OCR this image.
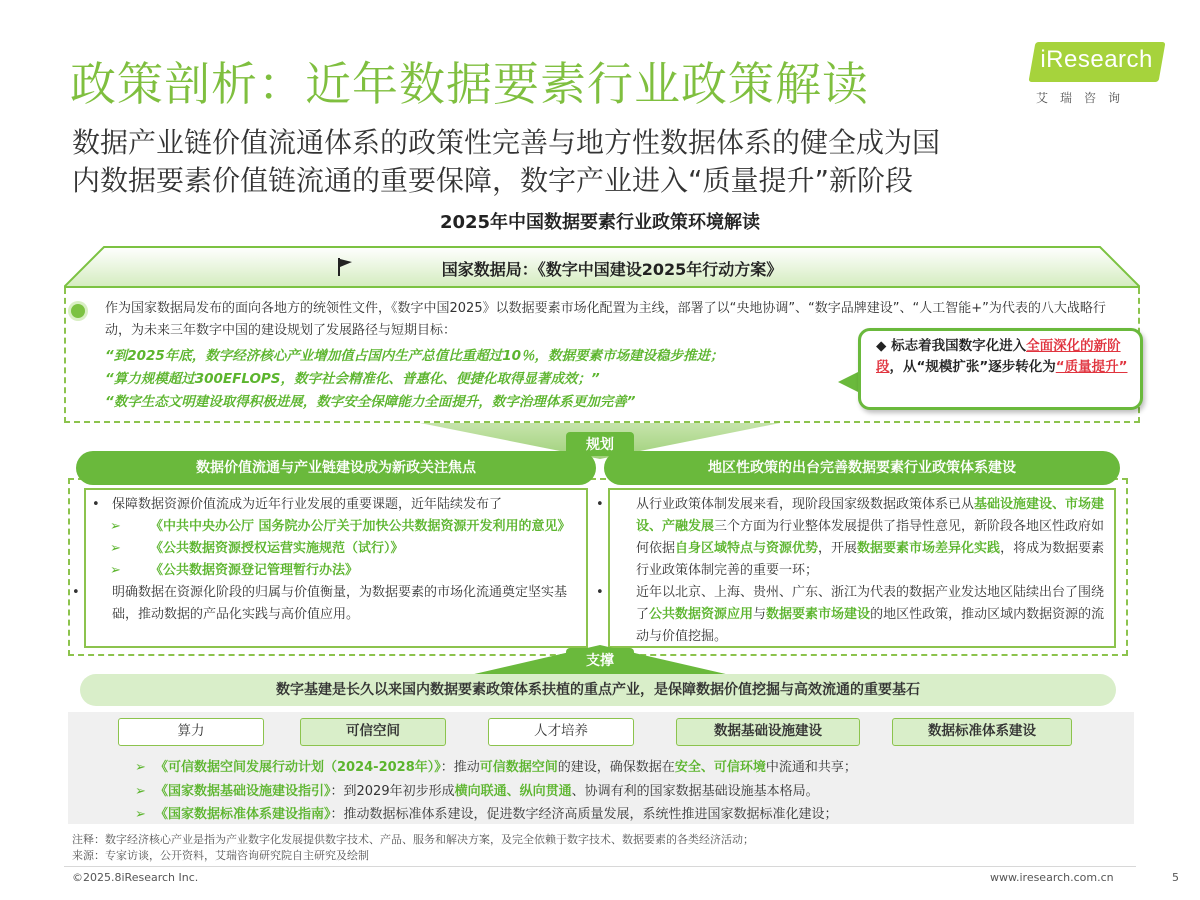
政策剖析：近年数据要素行业政策解读	iResearch
艾瑞咨询
数据产业链价值流通体系的政策性完善与地方性数据体系的健全成为国
内数据要素价值链流通的重要保障，数字产业进入“质量提升”新阶段
2025年中国数据要素行业政策环境解读
国家数据局：《数字中国建设2025年行动方案》
作为国家数据局发布的面向各地方的统领性文件，《数字中国2025》以数据要素市场化配置为主线，部署了以“央地协调”、“数字品牌建设”、“人工智能+”为代表的八大战略行动，为未来三年数字中国的建设规划了发展路径与短期目标：
“到2025年底，数字经济核心产业增加值占国内生产总值比重超过10％，数据要素市场建设稳步推进；
“算力规模超过300EFLOPS，数字社会精准化、普惠化、便捷化取得显著成效；”
“数字生态文明建设取得积极进展，数字安全保障能力全面提升，数字治理体系更加完善”
◆ 标志着我国数字化进入全面深化的新阶段，从“规模扩张”逐步转化为“质量提升”
规划
数据价值流通与产业链建设成为新政关注焦点	地区性政策的出台完善数据要素行业政策体系建设
• 保障数据资源价值流成为近年行业发展的重要课题，近年陆续发布了
➢ 《中共中央办公厅 国务院办公厅关于加快公共数据资源开发利用的意见》
➢ 《公共数据资源授权运营实施规范（试行）》
➢ 《公共数据资源登记管理暂行办法》
• 明确数据在资源化阶段的归属与价值衡量，为数据要素的市场化流通奠定坚实基础，推动数据的产品化实践与高价值应用。
• 从行业政策体制发展来看，现阶段国家级数据政策体系已从基础设施建设、市场建设、产融发展三个方面为行业整体发展提供了指导性意见，新阶段各地区性政府如何依据自身区域特点与资源优势，开展数据要素市场差异化实践，将成为数据要素行业政策体制完善的重要一环；
• 近年以北京、上海、贵州、广东、浙江为代表的数据产业发达地区陆续出台了围绕了公共数据资源应用与数据要素市场建设的地区性政策，推动区域内数据资源的流动与价值挖掘。
支撑
数字基建是长久以来国内数据要素政策体系扶植的重点产业，是保障数据价值挖掘与高效流通的重要基石
算力	可信空间	人才培养	数据基础设施建设	数据标准体系建设
➢ 《可信数据空间发展行动计划（2024-2028年）》：推动可信数据空间的建设，确保数据在安全、可信环境中流通和共享；
➢ 《国家数据基础设施建设指引》：到2029年初步形成横向联通、纵向贯通、协调有利的国家数据基础设施基本格局。
➢ 《国家数据标准体系建设指南》：推动数据标准体系建设，促进数字经济高质量发展，系统性推进国家数据标准化建设；
注释：数字经济核心产业是指为产业数字化发展提供数字技术、产品、服务和解决方案，及完全依赖于数字技术、数据要素的各类经济活动；
来源：专家访谈，公开资料，艾瑞咨询研究院自主研究及绘制
©2025.8iResearch Inc.	www.iresearch.com.cn	5
